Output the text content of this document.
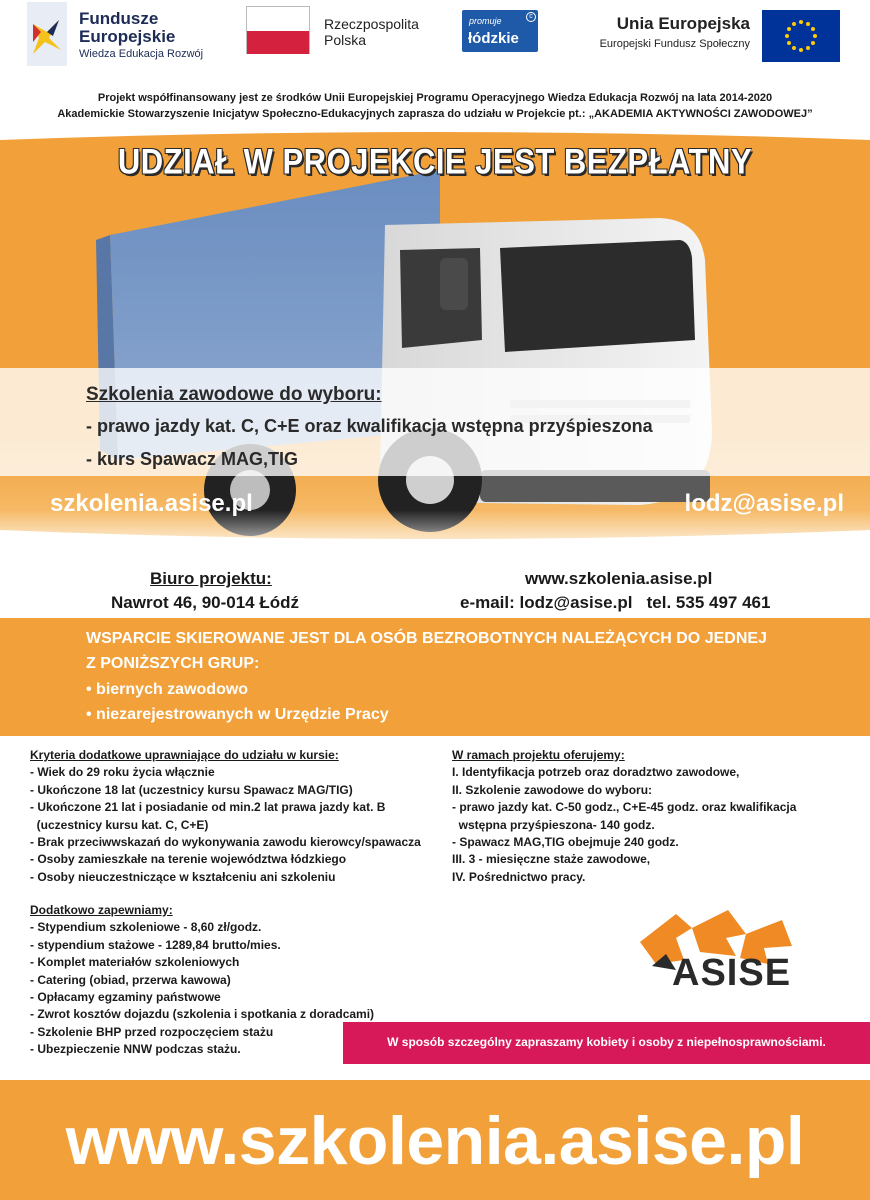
Fundusze
Europejskie
Wiedza Edukacja Rozwój
Rzeczpospolita
Polska
promuje
łódzkie
c	Unia Europejska
Europejski Fundusz Społeczny
Projekt współfinansowany jest ze środków Unii Europejskiej Programu Operacyjnego Wiedza Edukacja Rozwój na lata 2014-2020
Akademickie Stowarzyszenie Inicjatyw Społeczno-Edukacyjnych zaprasza do udziału w Projekcie pt.: „AKADEMIA AKTYWNOŚCI ZAWODOWEJ”
UDZIAŁ W PROJEKCIE JEST BEZPŁATNY
Szkolenia zawodowe do wyboru:
- prawo jazdy kat. C, C+E oraz kwalifikacja wstępna przyśpieszona
- kurs Spawacz MAG,TIG
szkolenia.asise.pl	lodz@asise.pl
Biuro projektu:
Nawrot 46, 90-014 Łódź
www.szkolenia.asise.pl
e-mail: lodz@asise.pl   tel. 535 497 461
WSPARCIE SKIEROWANE JEST DLA OSÓB BEZROBOTNYCH NALEŻĄCYCH DO JEDNEJ
Z PONIŻSZYCH GRUP:
• biernych zawodowo
• niezarejestrowanych w Urzędzie Pracy
Kryteria dodatkowe uprawniające do udziału w kursie:
- Wiek do 29 roku życia włącznie
- Ukończone 18 lat (uczestnicy kursu Spawacz MAG/TIG)
- Ukończone 21 lat i posiadanie od min.2 lat prawa jazdy kat. B
(uczestnicy kursu kat. C, C+E)
- Brak przeciwwskazań do wykonywania zawodu kierowcy/spawacza
- Osoby zamieszkałe na terenie województwa łódzkiego
- Osoby nieuczestniczące w kształceniu ani szkoleniu
Dodatkowo zapewniamy:
- Stypendium szkoleniowe - 8,60 zł/godz.
- stypendium stażowe - 1289,84 brutto/mies.
- Komplet materiałów szkoleniowych
- Catering (obiad, przerwa kawowa)
- Opłacamy egzaminy państwowe
- Zwrot kosztów dojazdu (szkolenia i spotkania z doradcami)
- Szkolenie BHP przed rozpoczęciem stażu
- Ubezpieczenie NNW podczas stażu.
W ramach projektu oferujemy:
I. Identyfikacja potrzeb oraz doradztwo zawodowe,
II. Szkolenie zawodowe do wyboru:
- prawo jazdy kat. C-50 godz., C+E-45 godz. oraz kwalifikacja
wstępna przyśpieszona- 140 godz.
- Spawacz MAG,TIG obejmuje 240 godz.
III. 3 - miesięczne staże zawodowe,
IV. Pośrednictwo pracy.
ASISE
W sposób szczególny zapraszamy kobiety i osoby z niepełnosprawnościami.
www.szkolenia.asise.pl
